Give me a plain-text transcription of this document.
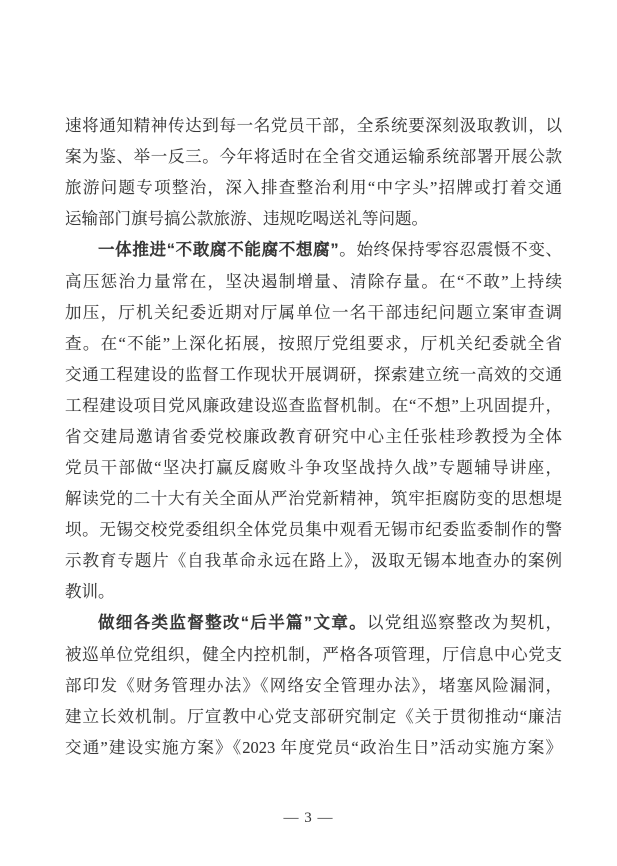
速将通知精神传达到每一名党员干部，全系统要深刻汲取教训，以
案为鉴、举一反三。今年将适时在全省交通运输系统部署开展公款
旅游问题专项整治，深入排查整治利用“中字头”招牌或打着交通
运输部门旗号搞公款旅游、违规吃喝送礼等问题。
一体推进“不敢腐不能腐不想腐”。始终保持零容忍震慑不变、
高压惩治力量常在，坚决遏制增量、清除存量。在“不敢”上持续
加压，厅机关纪委近期对厅属单位一名干部违纪问题立案审查调
查。在“不能”上深化拓展，按照厅党组要求，厅机关纪委就全省
交通工程建设的监督工作现状开展调研，探索建立统一高效的交通
工程建设项目党风廉政建设巡查监督机制。在“不想”上巩固提升，
省交建局邀请省委党校廉政教育研究中心主任张桂珍教授为全体
党员干部做“坚决打赢反腐败斗争攻坚战持久战”专题辅导讲座，
解读党的二十大有关全面从严治党新精神，筑牢拒腐防变的思想堤
坝。无锡交校党委组织全体党员集中观看无锡市纪委监委制作的警
示教育专题片《自我革命永远在路上》，汲取无锡本地查办的案例
教训。
做细各类监督整改“后半篇”文章。以党组巡察整改为契机，
被巡单位党组织，健全内控机制，严格各项管理，厅信息中心党支
部印发《财务管理办法》《网络安全管理办法》，堵塞风险漏洞，
建立长效机制。厅宣教中心党支部研究制定《关于贯彻推动“廉洁
交通”建设实施方案》《2023 年度党员“政治生日”活动实施方案》
— 3 —
